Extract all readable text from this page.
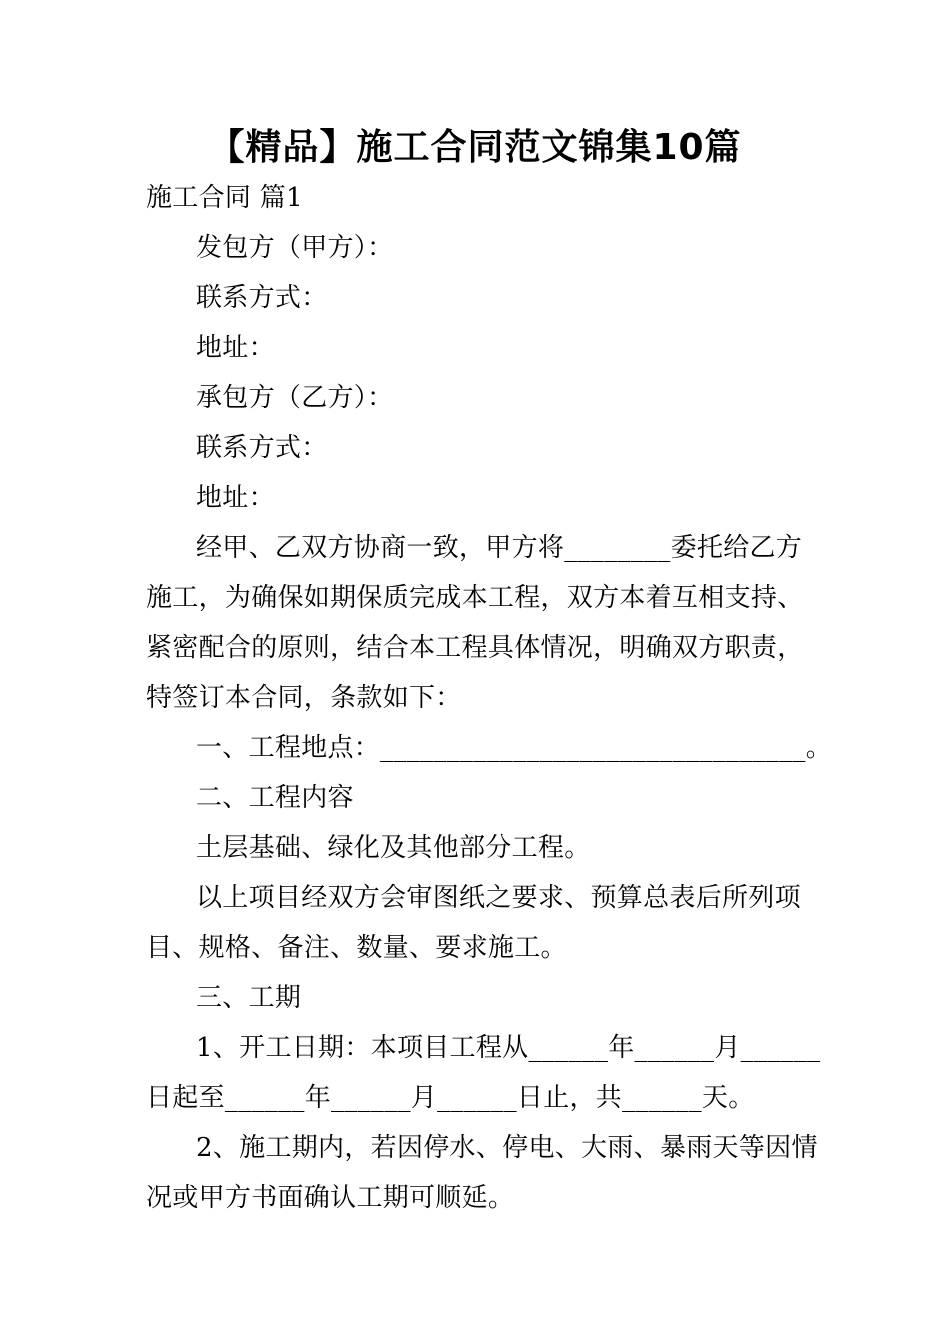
【精品】施工合同范文锦集10篇
施工合同 篇1
发包方（甲方）：
联系方式：
地址：
承包方（乙方）：
联系方式：
地址：
经甲、乙双方协商一致，甲方将________委托给乙方
施工，为确保如期保质完成本工程，双方本着互相支持、
紧密配合的原则，结合本工程具体情况，明确双方职责，
特签订本合同，条款如下：
一、工程地点：________________________________。
二、工程内容
土层基础、绿化及其他部分工程。
以上项目经双方会审图纸之要求、预算总表后所列项
目、规格、备注、数量、要求施工。
三、工期
1、开工日期：本项目工程从______年______月______
日起至______年______月______日止，共______天。
2、施工期内，若因停水、停电、大雨、暴雨天等因情
况或甲方书面确认工期可顺延。
